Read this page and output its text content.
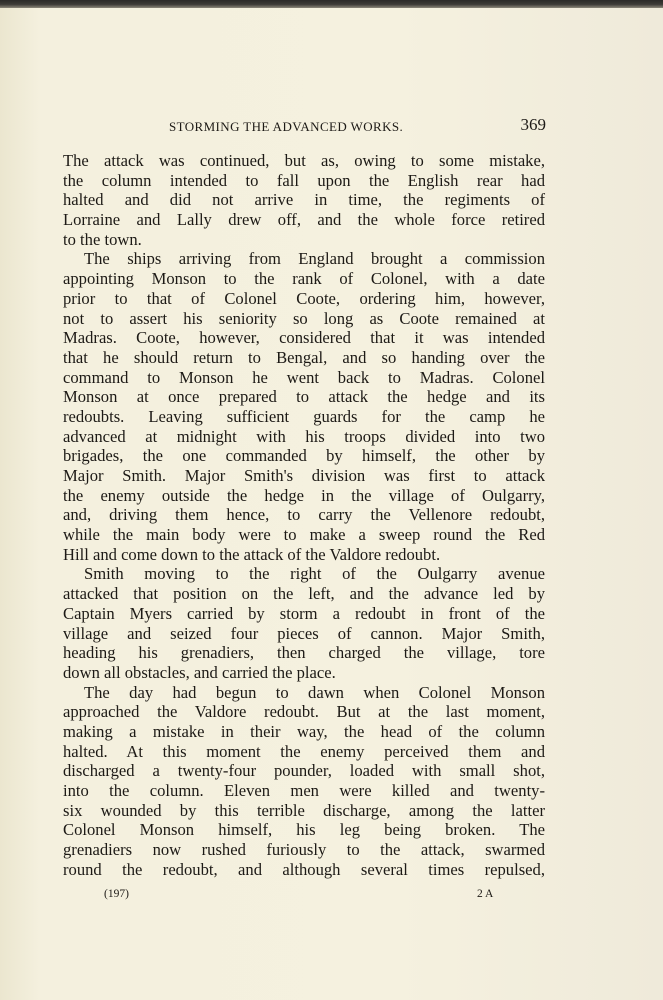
STORMING THE ADVANCED WORKS.	369
The attack was continued, but as, owing to some mistake,
the column intended to fall upon the English rear had
halted and did not arrive in time, the regiments of
Lorraine and Lally drew off, and the whole force retired
to the town.
The ships arriving from England brought a commission
appointing Monson to the rank of Colonel, with a date
prior to that of Colonel Coote, ordering him, however,
not to assert his seniority so long as Coote remained at
Madras. Coote, however, considered that it was intended
that he should return to Bengal, and so handing over the
command to Monson he went back to Madras. Colonel
Monson at once prepared to attack the hedge and its
redoubts. Leaving sufficient guards for the camp he
advanced at midnight with his troops divided into two
brigades, the one commanded by himself, the other by
Major Smith. Major Smith's division was first to attack
the enemy outside the hedge in the village of Oulgarry,
and, driving them hence, to carry the Vellenore redoubt,
while the main body were to make a sweep round the Red
Hill and come down to the attack of the Valdore redoubt.
Smith moving to the right of the Oulgarry avenue
attacked that position on the left, and the advance led by
Captain Myers carried by storm a redoubt in front of the
village and seized four pieces of cannon. Major Smith,
heading his grenadiers, then charged the village, tore
down all obstacles, and carried the place.
The day had begun to dawn when Colonel Monson
approached the Valdore redoubt. But at the last moment,
making a mistake in their way, the head of the column
halted. At this moment the enemy perceived them and
discharged a twenty-four pounder, loaded with small shot,
into the column. Eleven men were killed and twenty-
six wounded by this terrible discharge, among the latter
Colonel Monson himself, his leg being broken. The
grenadiers now rushed furiously to the attack, swarmed
round the redoubt, and although several times repulsed,
(197)	2 A
